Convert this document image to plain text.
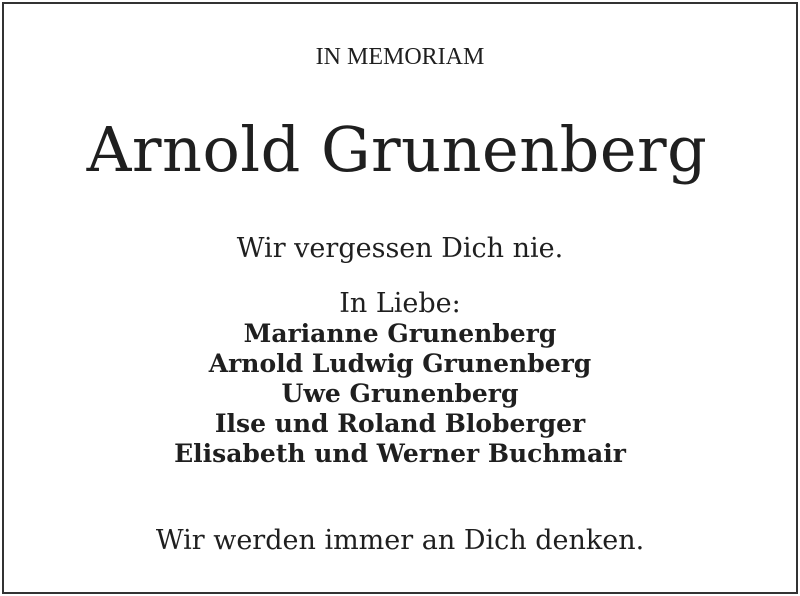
IN MEMORIAM
Arnold Grunenberg
Wir vergessen Dich nie.
In Liebe:
Marianne Grunenberg
Arnold Ludwig Grunenberg
Uwe Grunenberg
Ilse und Roland Bloberger
Elisabeth und Werner Buchmair
Wir werden immer an Dich denken.
